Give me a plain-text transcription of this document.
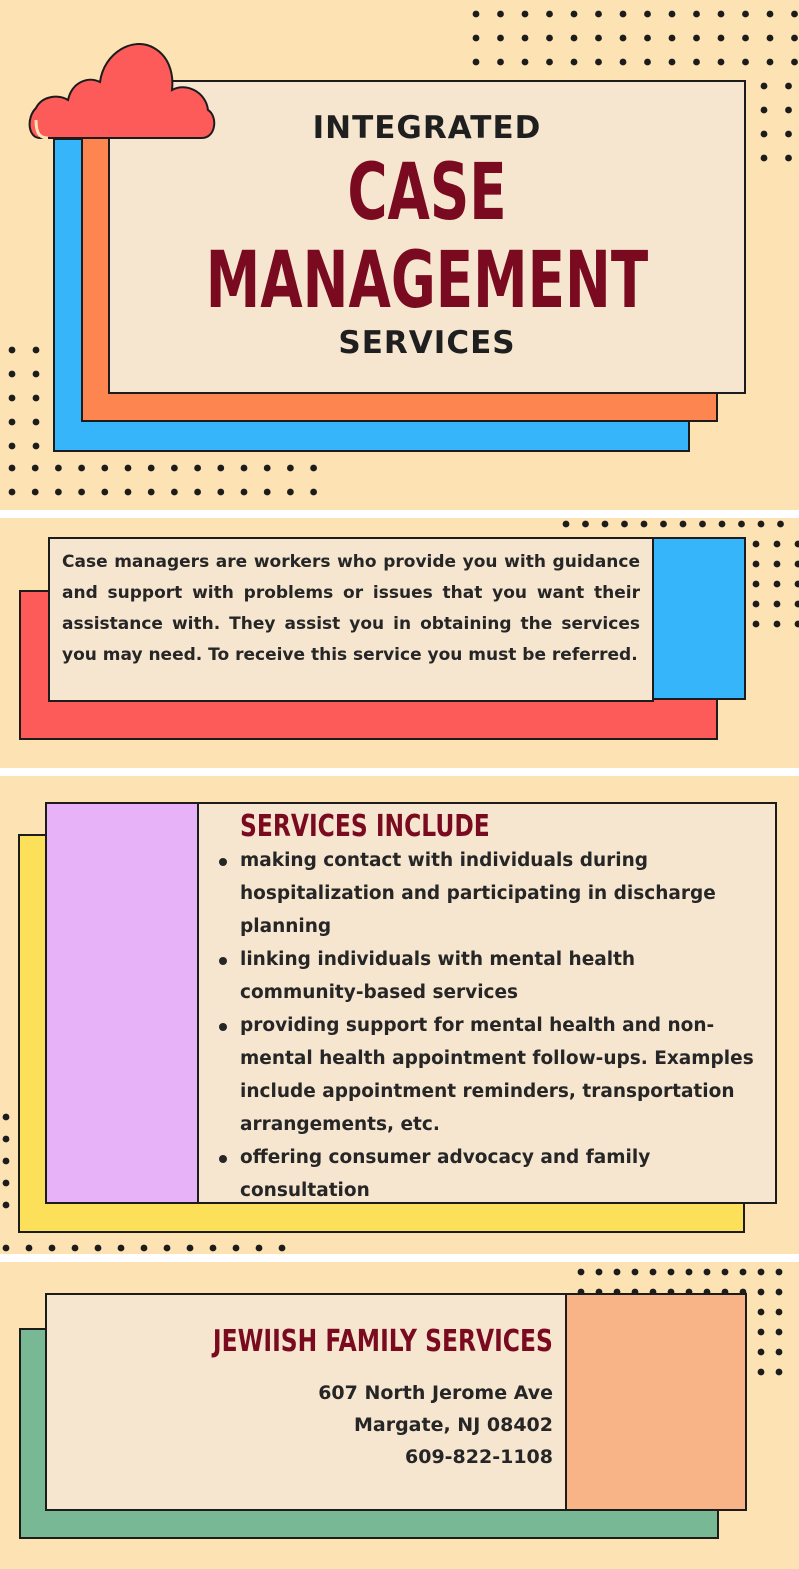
INTEGRATED
CASE
MANAGEMENT
SERVICES
Case managers are workers who provide you with guidance and support with problems or issues that you want their assistance with. They assist you in obtaining the services you may need. To receive this service you must be referred.
SERVICES INCLUDE
making contact with individuals during hospitalization and participating in discharge planning
linking individuals with mental health community-based services
providing support for mental health and non-mental health appointment follow-ups. Examples include appointment reminders, transportation arrangements, etc.
offering consumer advocacy and family consultation
JEWIISH FAMILY SERVICES
607 North Jerome Ave
Margate, NJ 08402
609-822-1108
